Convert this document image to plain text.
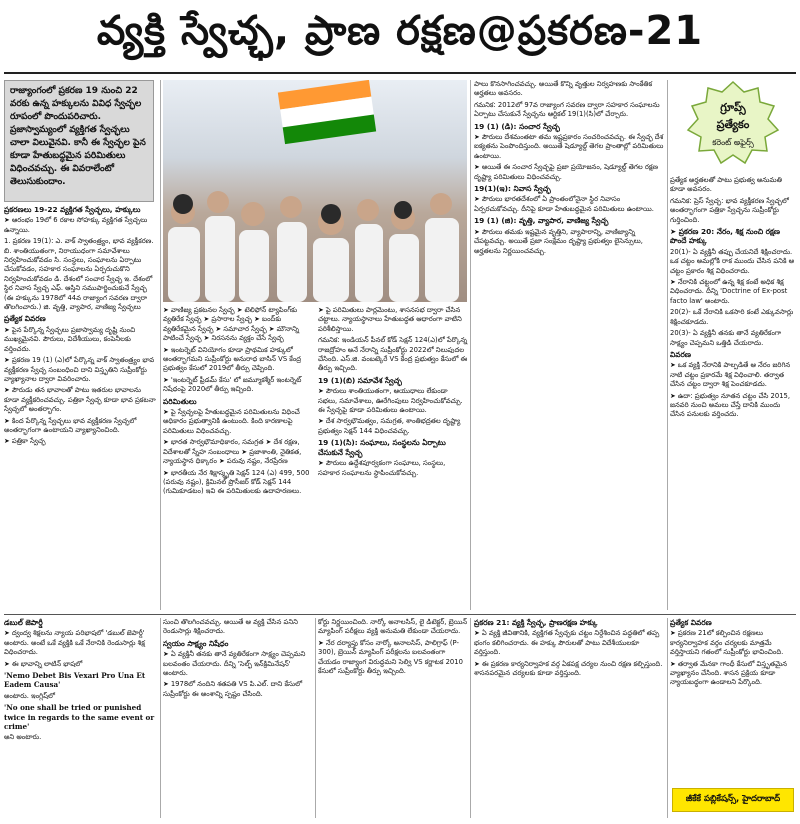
వ్యక్తి స్వేచ్ఛ, ప్రాణ రక్షణ@ప్రకరణ-21
రాజ్యాంగంలో ప్రకరణ 19 నుంచి 22 వరకు ఉన్న హక్కులను వివిధ స్వేచ్ఛల రూపంలో పొందుపరిచారు. ప్రజాస్వామ్యంలో వ్యక్తిగత స్వేచ్ఛలు చాలా విలువైనవి. కానీ ఈ స్వేచ్ఛల పైన కూడా హేతుబద్ధమైన పరిమితులు విధించవచ్చు. ఈ వివరాలేంటో తెలుసుకుందాం.
గ్రూప్స్
ప్రత్యేకం
కరెంట్ అఫైర్స్

ప్రకరణలు 19-22 వ్యక్తిగత స్వేచ్ఛలు, హక్కులు

➤ ఆరంభం 19లో 6 రకాల సోహక్కు వ్యక్తిగత స్వేచ్ఛలు ఉన్నాయి.

1. ప్రకరణ 19(1): ఎ. వాక్ స్వాతంత్ర్యం, భావ వ్యక్తీకరణ. బి. శాంతియుతంగా, నిరాయుధంగా సమావేశాలు నిర్వహించుకోవడం సి. సంస్థలు, సంఘాలను ఏర్పాటు చేసుకోవడం, సహకార సంఘాలను ఏర్పరుచుకొని నిర్వహించుకోవడం డి. దేశంలో సంచార స్వేచ్ఛ ఇ. దేశంలో స్థిర నివాస స్వేచ్ఛ ఎఫ్. ఆస్తిని సముపార్జించుకునే స్వేచ్ఛ (ఈ హక్కును 1978లో 44వ రాజ్యాంగ సవరణ ద్వారా తొలగించారు.) జి. వృత్తి, వ్యాపార, వాణిజ్య స్వేచ్ఛలు

ప్రత్యేక వివరణ

➤ పైన పేర్కొన్న స్వేచ్ఛలు ప్రజాస్వామ్య దృష్టి నుంచి ముఖ్యమైనవి. పౌరులు, విదేశీయులు, కంపెనీలకు వర్తించదు.

➤ ప్రకరణ 19 (1) (ఎ)లో పేర్కొన్న వాక్ స్వాతంత్ర్యం భావ వ్యక్తీకరణ స్వేచ్ఛ సంబంధించి దాని విస్తృతిని సుప్రీంకోర్టు వ్యాఖ్యానాల ద్వారా వివరించారు.

➤ పౌరుడు తన భావాలతో పాటు ఇతరుల భావాలను కూడా వ్యక్తీకరించవచ్చు. పత్రికా స్వేచ్ఛ కూడా భావ ప్రకటనా స్వేచ్ఛలో అంతర్భాగం.

➤ కింద పేర్కొన్న స్వేచ్ఛలు భావ వ్యక్తీకరణ స్వేచ్ఛలో అంతర్భాగంగా ఉంటాయని వ్యాఖ్యానించింది.

➤ పత్రికా స్వేచ్ఛ

➤ వాణిజ్య ప్రకటనల స్వేచ్ఛ ➤ టెలిఫోన్ ట్యాపింగ్‌కు వ్యతిరేక స్వేచ్ఛ ➤ ప్రసారాల స్వేచ్ఛ ➤ బంద్‌కు వ్యతిరేకమైన స్వేచ్ఛ ➤ సమాచార స్వేచ్ఛ ➤ మౌనాన్ని పాటించే స్వేచ్ఛ ➤ నిరసనను వ్యక్తం చేసే స్వేచ్ఛ

➤ ఇంటర్నెట్ వినియోగం కూడా ప్రాథమిక హక్కులో అంతర్భాగమని సుప్రీంకోర్టు అనురాధ బాసిన్ VS కేంద్ర ప్రభుత్వం కేసులో 2019లో తీర్పు చెప్పింది.

➤ 'ఇంటర్నెట్ ఫ్రీడమ్ కేసు' లో జమ్మూకశ్మీర్ ఇంటర్నెట్ నిషేధంపై 2020లో తీర్పు ఇచ్చింది.

పరిమితులు

➤ పై స్వేచ్ఛలపై హేతుబద్ధమైన పరిమితులను విధించే అధికారం ప్రభుత్వానికి ఉంటుంది. కింది కారణాలపై పరిమితులు విధించవచ్చు.

➤ భారత సార్వభౌమాధికారం, సమగ్రత ➤ దేశ రక్షణ, విదేశాలతో స్నేహ సంబంధాలు ➤ ప్రజాశాంతి, నైతికత, న్యాయస్థాన ధిక్కారం ➤ పరువు నష్టం, నేరప్రేరణ

➤ భారతీయ నేర శిక్షాస్మృతి సెక్షన్ 124 (ఎ) 499, 500 (పరువు నష్టం), క్రిమినల్ ప్రొసీజర్ కోడ్ సెక్షన్ 144 (గుమికూడటం) ఇవి ఈ పరిమితులకు ఉదాహరణలు.

➤ పై పరిమితులు పార్లమెంటు, శాసనసభ ద్వారా చేసిన చట్టాలు. న్యాయస్థానాలు హేతుబద్ధత ఆధారంగా వాటిని పరిశీలిస్తాయి.

గమనిక: ఇండియన్ పీనల్ కోడ్ సెక్షన్ 124(ఎ)లో పేర్కొన్న రాజద్రోహం అనే నేరాన్ని సుప్రీంకోర్టు 2022లో నిలుపుదల చేసింది. ఎస్.జి. వంబట్కెరే VS కేంద్ర ప్రభుత్వం కేసులో ఈ తీర్పు ఇచ్చింది.

19 (1)(బి) సమావేశ స్వేచ్ఛ

➤ పౌరులు శాంతియుతంగా, ఆయుధాలు లేకుండా సభలు, సమావేశాలు, ఊరేగింపులు నిర్వహించుకోవచ్చు. ఈ స్వేచ్ఛపై కూడా పరిమితులు ఉంటాయి.

➤ దేశ సార్వభౌమత్వం, సమగ్రత, శాంతిభద్రతల దృష్ట్యా ప్రభుత్వం సెక్షన్ 144 విధించవచ్చు.

19 (1)(సి): సంఘాలు, సంస్థలను ఏర్పాటు చేసుకునే స్వేచ్ఛ

➤ పౌరులు ఉద్దేశపూర్వకంగా సంఘాలు, సంస్థలు, సహకార సంఘాలను స్థాపించుకోవచ్చు.

పాలు కొనసాగించవచ్చు. అయితే కొన్ని వృత్తుల నిర్వహణకు సాంకేతిక అర్హతలు అవసరం.

గమనిక: 2012లో 97వ రాజ్యాంగ సవరణ ద్వారా సహకార సంఘాలను ఏర్పాటు చేసుకునే స్వేచ్ఛను ఆర్టికల్ 19(1)(సి)లో చేర్చారు.

19 (1) (డి): సంచార స్వేచ్ఛ

➤ పౌరులు దేశమంతటా తమ ఇష్టప్రకారం సంచరించవచ్చు. ఈ స్వేచ్ఛ దేశ ఐక్యతను పెంపొందిస్తుంది. అయితే షెడ్యూల్డ్ తెగల ప్రాంతాల్లో పరిమితులు ఉంటాయి.

➤ అయితే ఈ సంచార స్వేచ్ఛపై ప్రజా ప్రయోజనం, షెడ్యూల్డ్ తెగల రక్షణ దృష్ట్యా పరిమితులు విధించవచ్చు.

19(1)(ఇ): నివాస స్వేచ్ఛ

➤ పౌరులు భారతదేశంలో ఏ ప్రాంతంలోనైనా స్థిర నివాసం ఏర్పరచుకోవచ్చు. దీనిపై కూడా హేతుబద్ధమైన పరిమితులు ఉంటాయి.

19 (1) (జి): వృత్తి, వ్యాపార, వాణిజ్య స్వేచ్ఛ

➤ పౌరులు తమకు ఇష్టమైన వృత్తిని, వ్యాపారాన్ని, వాణిజ్యాన్ని చేపట్టవచ్చు. అయితే ప్రజా సంక్షేమం దృష్ట్యా ప్రభుత్వం లైసెన్సులు, అర్హతలను నిర్ణయించవచ్చు.

ప్రత్యేక అర్హతలతో పాటు ప్రభుత్వ అనుమతి కూడా అవసరం.

గమనిక: ప్రెస్ స్వేచ్ఛ: భావ వ్యక్తీకరణ స్వేచ్ఛలో అంతర్భాగంగా పత్రికా స్వేచ్ఛను సుప్రీంకోర్టు గుర్తించింది.

➤ ప్రకరణ 20: నేరం, శిక్ష నుంచి రక్షణ పొందే హక్కు

20(1)- ఏ వ్యక్తినీ తప్పు చేయనిదే శిక్షించరాదు. ఒక చట్టం అమల్లోకి రాక ముందు చేసిన పనికి ఆ చట్టం ప్రకారం శిక్ష విధించరాదు.

➤ నేరానికి చట్టంలో ఉన్న శిక్ష కంటే అధిక శిక్ష విధించరాదు. దీన్ని 'Doctrine of Ex-post facto law' అంటారు.

20(2)- ఒకే నేరానికి ఒకసారి కంటే ఎక్కువసార్లు శిక్షించకూడదు.

20(3)- ఏ వ్యక్తినీ తనకు తానే వ్యతిరేకంగా సాక్ష్యం చెప్పమని ఒత్తిడి చేయరాదు.

వివరణ

➤ ఒక వ్యక్తి నేరానికి పాల్పడితే ఆ నేరం జరిగిన నాటి చట్టం ప్రకారమే శిక్ష విధించాలి. తర్వాత చేసిన చట్టం ద్వారా శిక్ష పెంచకూడదు.

➤ ఉదా: ప్రభుత్వం నూతన చట్టం చేసి 2015, జనవరి నుంచి అమలు చేస్తే దానికి ముందు చేసిన పనులకు వర్తించదు.

డబుల్ జెపార్డీ

➤ ద్వంద్వ శిక్షలను న్యాయ పరిభాషలో 'డబుల్ జెపార్డీ' అంటారు. అంటే ఒకే వ్యక్తికి ఒకే నేరానికి రెండుసార్లు శిక్ష విధించరాదు.

➤ ఈ భావాన్ని లాటిన్ భాషలో

'Nemo Debet Bis Vexari Pro Una Et Eadem Causa'

అంటారు. ఇంగ్లిష్‌లో

'No one shall be tried or punished twice in regards to the same event or crime'

అని అంటారు.

సుంచి తొలగించవచ్చు. అయితే ఆ వ్యక్తి చేసిన పనిని రెండుసార్లు శిక్షించరాదు.

స్వయం సాక్ష్యం నిషేధం

➤ ఏ వ్యక్తినీ తనకు తానే వ్యతిరేకంగా సాక్ష్యం చెప్పమని బలవంతం చేయరాదు. దీన్ని 'సెల్ఫ్ ఇన్‌క్రిమినేషన్' అంటారు.

➤ 1978లో నందిని శతపతి VS పి.ఎల్. దాని కేసులో సుప్రీంకోర్టు ఈ అంశాన్ని స్పష్టం చేసింది.

కోర్టు నిర్ణయించింది. నార్కో అనాలసిస్, లై డిటెక్టర్, బ్రెయిన్ మ్యాపింగ్ పరీక్షలు వ్యక్తి అనుమతి లేకుండా చేయరాదు.

➤ నేర దర్యాప్తు కోసం నార్కో అనాలసిస్, పాలిగ్రాఫ్ (P-300), బ్రెయిన్ మ్యాపింగ్ పరీక్షలను బలవంతంగా చేయడం రాజ్యాంగ విరుద్ధమని సెల్వి VS కర్ణాటక 2010 కేసులో సుప్రీంకోర్టు తీర్పు ఇచ్చింది.

ప్రకరణ 21: వ్యక్తి స్వేచ్ఛ, ప్రాణరక్షణ హక్కు

➤ ఏ వ్యక్తి జీవితానికి, వ్యక్తిగత స్వేచ్ఛకు చట్టం నిర్దేశించిన పద్ధతిలో తప్ప భంగం కలిగించరాదు. ఈ హక్కు పౌరులతో పాటు విదేశీయులకూ వర్తిస్తుంది.

➤ ఈ ప్రకరణ కార్యనిర్వాహక వర్గ ఏకపక్ష చర్యల నుంచి రక్షణ కల్పిస్తుంది. శాసనపరమైన చర్యలకు కూడా వర్తిస్తుంది.

ప్రత్యేక వివరణ

➤ ప్రకరణ 21లో కల్పించిన రక్షణలు కార్యనిర్వాహక వర్గం చర్యలకు మాత్రమే వర్తిస్తాయని గతంలో సుప్రీంకోర్టు భావించింది.

➤ తర్వాత మేనకా గాంధీ కేసులో విస్తృతమైన వ్యాఖ్యానం చేసింది. శాసన ప్రక్రియ కూడా న్యాయబద్ధంగా ఉండాలని పేర్కొంది.

జీకేకే పబ్లికేషన్స్, హైదరాబాద్
